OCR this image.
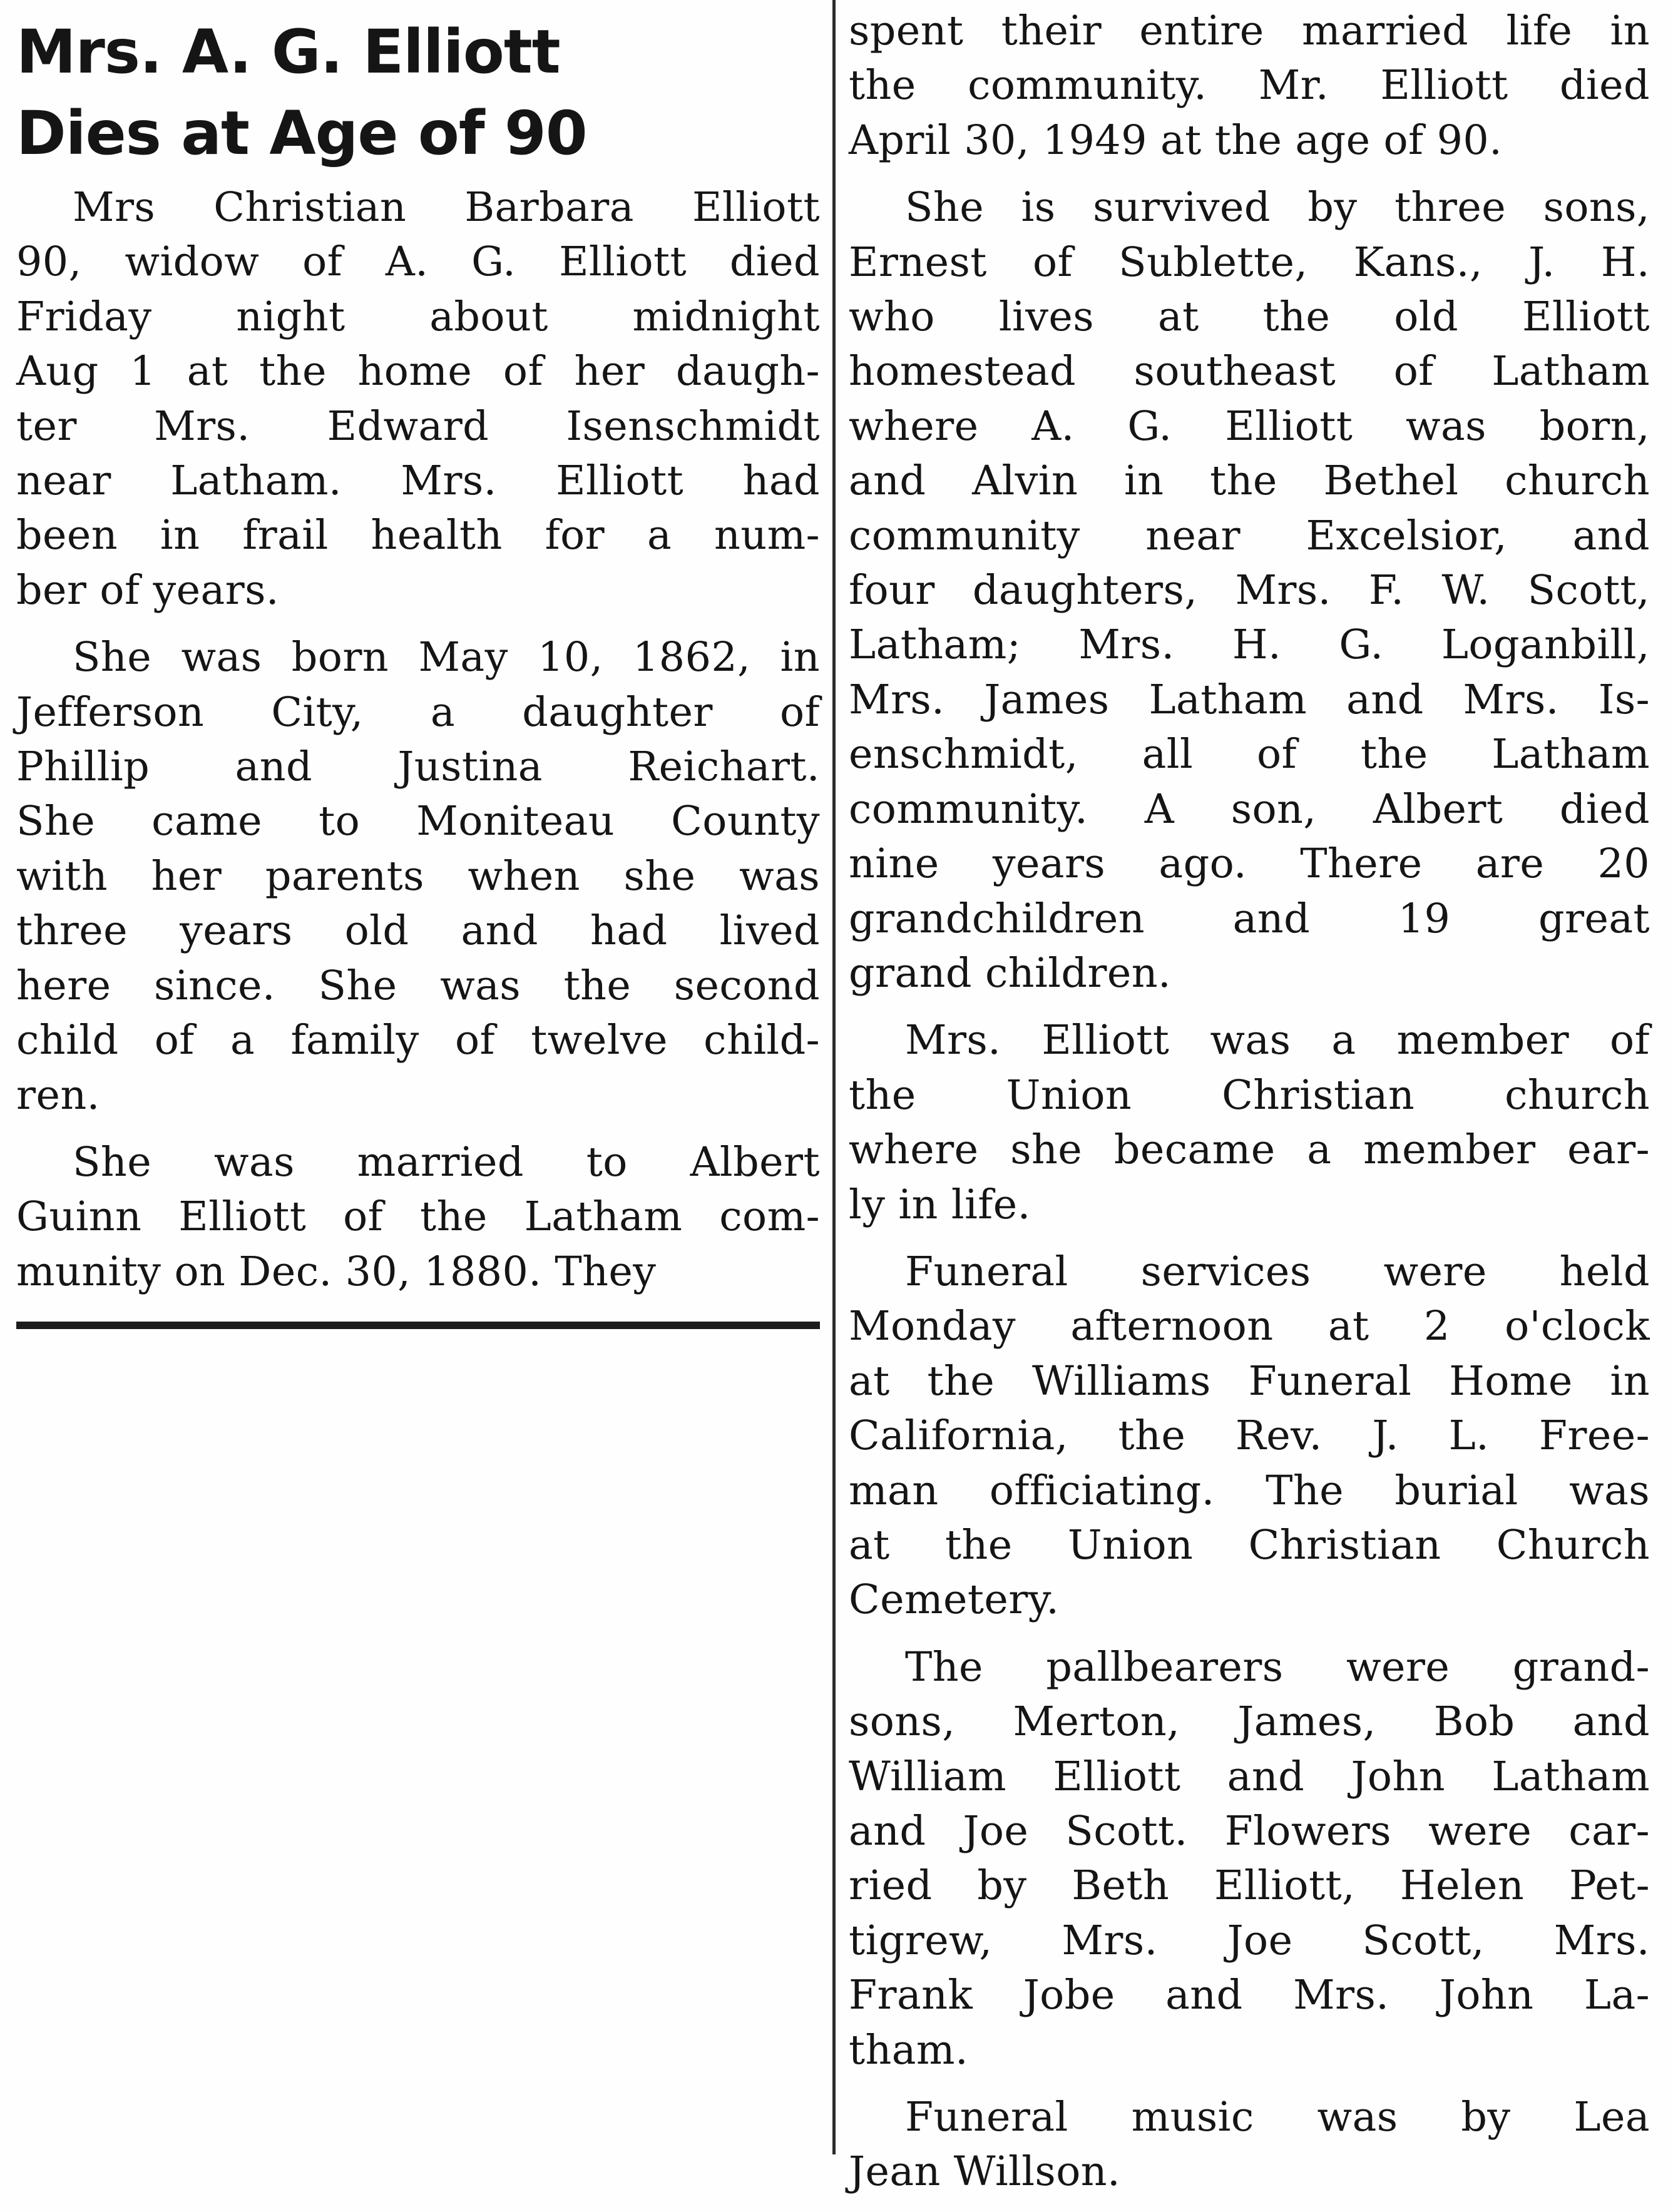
Mrs. A. G. Elliott
Dies at Age of 90
Mrs Christian Barbara Elliott
90, widow of A. G. Elliott died
Friday night about midnight
Aug 1 at the home of her daugh-
ter Mrs. Edward Isenschmidt
near Latham. Mrs. Elliott had
been in frail health for a num-
ber of years.
She was born May 10, 1862, in
Jefferson City, a daughter of
Phillip and Justina Reichart.
She came to Moniteau County
with her parents when she was
three years old and had lived
here since. She was the second
child of a family of twelve child-
ren.
She was married to Albert
Guinn Elliott of the Latham com-
munity on Dec. 30, 1880. They
spent their entire married life in
the community. Mr. Elliott died
April 30, 1949 at the age of 90.
She is survived by three sons,
Ernest of Sublette, Kans., J. H.
who lives at the old Elliott
homestead southeast of Latham
where A. G. Elliott was born,
and Alvin in the Bethel church
community near Excelsior, and
four daughters, Mrs. F. W. Scott,
Latham; Mrs. H. G. Loganbill,
Mrs. James Latham and Mrs. Is-
enschmidt, all of the Latham
community. A son, Albert died
nine years ago. There are 20
grandchildren and 19 great
grand children.
Mrs. Elliott was a member of
the Union Christian church
where she became a member ear-
ly in life.
Funeral services were held
Monday afternoon at 2 o'clock
at the Williams Funeral Home in
California, the Rev. J. L. Free-
man officiating. The burial was
at the Union Christian Church
Cemetery.
The pallbearers were grand-
sons, Merton, James, Bob and
William Elliott and John Latham
and Joe Scott. Flowers were car-
ried by Beth Elliott, Helen Pet-
tigrew, Mrs. Joe Scott, Mrs.
Frank Jobe and Mrs. John La-
tham.
Funeral music was by Lea
Jean Willson.
